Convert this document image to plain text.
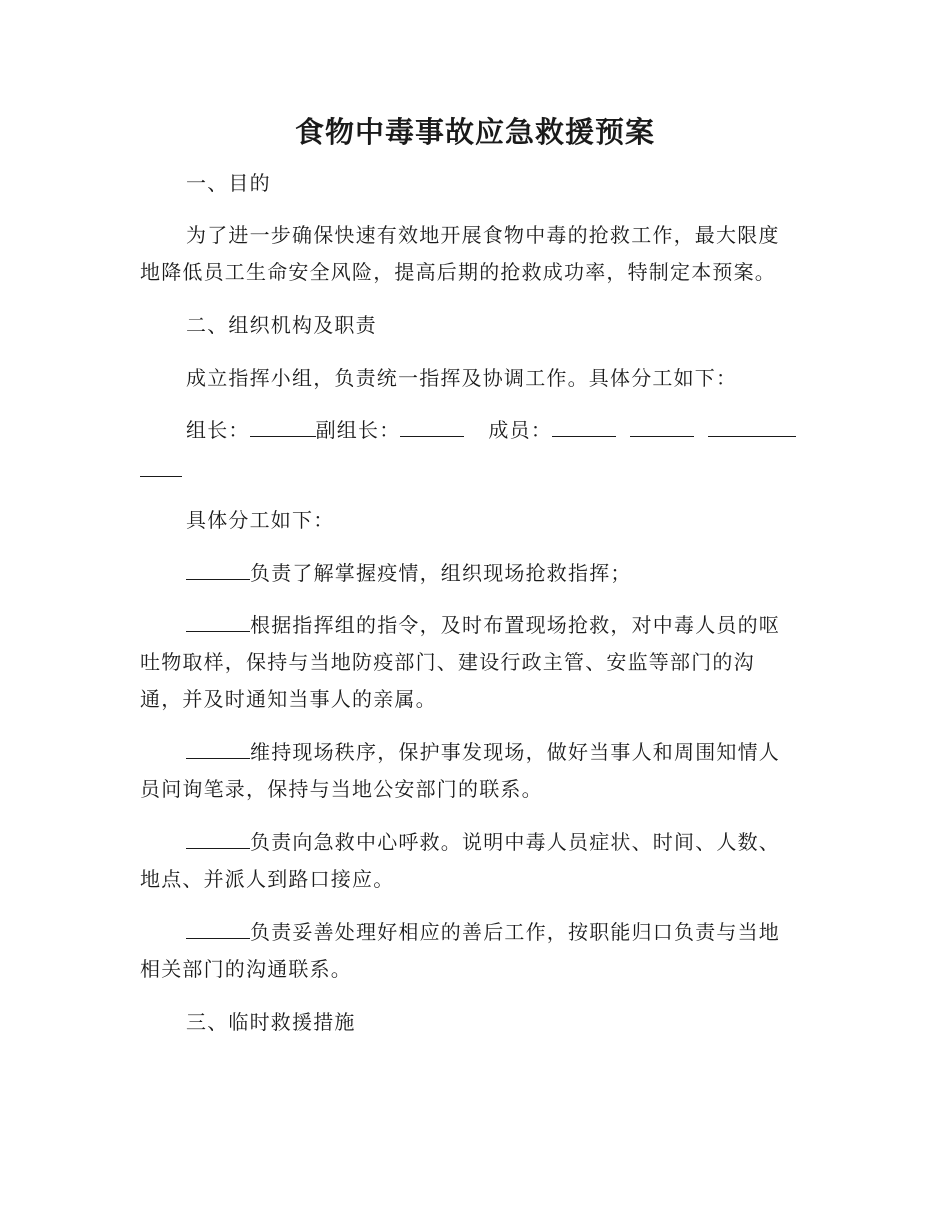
食物中毒事故应急救援预案
一、目的
为了进一步确保快速有效地开展食物中毒的抢救工作，最大限度
地降低员工生命安全风险，提高后期的抢救成功率，特制定本预案。
二、组织机构及职责
成立指挥小组，负责统一指挥及协调工作。具体分工如下：
组长：	副组长：	成员：
具体分工如下：
负责了解掌握疫情，组织现场抢救指挥；
根据指挥组的指令，及时布置现场抢救，对中毒人员的呕
吐物取样，保持与当地防疫部门、建设行政主管、安监等部门的沟
通，并及时通知当事人的亲属。
维持现场秩序，保护事发现场，做好当事人和周围知情人
员问询笔录，保持与当地公安部门的联系。
负责向急救中心呼救。说明中毒人员症状、时间、人数、
地点、并派人到路口接应。
负责妥善处理好相应的善后工作，按职能归口负责与当地
相关部门的沟通联系。
三、临时救援措施
